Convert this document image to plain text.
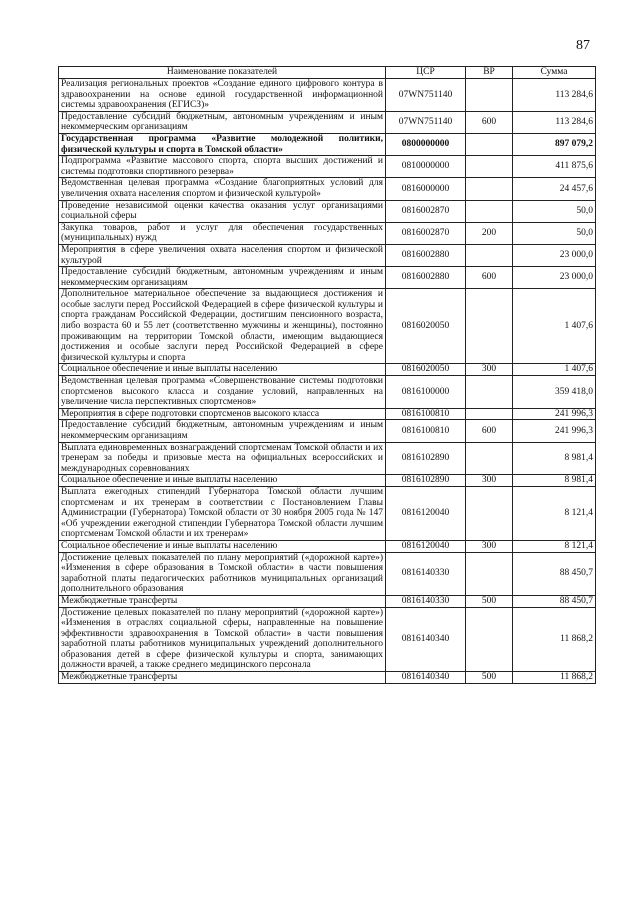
87
Наименование показателей	ЦСР	ВР	Сумма
Реализация региональных проектов «Создание единого цифрового контура в здравоохранении на основе единой государственной информационной системы здравоохранения (ЕГИСЗ)»	07WN751140		113 284,6
Предоставление субсидий бюджетным, автономным учреждениям и иным некоммерческим организациям	07WN751140	600	113 284,6
Государственная программа «Развитие молодежной политики, физической культуры и спорта в Томской области»	0800000000		897 079,2
Подпрограмма «Развитие массового спорта, спорта высших достижений и системы подготовки спортивного резерва»	0810000000		411 875,6
Ведомственная целевая программа «Создание благоприятных условий для увеличения охвата населения спортом и физической культурой»	0816000000		24 457,6
Проведение независимой оценки качества оказания услуг организациями социальной сферы	0816002870		50,0
Закупка товаров, работ и услуг для обеспечения государственных (муниципальных) нужд	0816002870	200	50,0
Мероприятия в сфере увеличения охвата населения спортом и физической культурой	0816002880		23 000,0
Предоставление субсидий бюджетным, автономным учреждениям и иным некоммерческим организациям	0816002880	600	23 000,0
Дополнительное материальное обеспечение за выдающиеся достижения и особые заслуги перед Российской Федерацией в сфере физической культуры и спорта гражданам Российской Федерации, достигшим пенсионного возраста, либо возраста 60 и 55 лет (соответственно мужчины и женщины), постоянно проживающим на территории Томской области, имеющим выдающиеся достижения и особые заслуги перед Российской Федерацией в сфере физической культуры и спорта	0816020050		1 407,6
Социальное обеспечение и иные выплаты населению	0816020050	300	1 407,6
Ведомственная целевая программа «Совершенствование системы подготовки спортсменов высокого класса и создание условий, направленных на увеличение числа перспективных спортсменов»	0816100000		359 418,0
Мероприятия в сфере подготовки спортсменов высокого класса	0816100810		241 996,3
Предоставление субсидий бюджетным, автономным учреждениям и иным некоммерческим организациям	0816100810	600	241 996,3
Выплата единовременных вознаграждений спортсменам Томской области и их тренерам за победы и призовые места на официальных всероссийских и международных соревнованиях	0816102890		8 981,4
Социальное обеспечение и иные выплаты населению	0816102890	300	8 981,4
Выплата ежегодных стипендий Губернатора Томской области лучшим спортсменам и их тренерам в соответствии с Постановлением Главы Администрации (Губернатора) Томской области от 30 ноября 2005 года № 147 «Об учреждении ежегодной стипендии Губернатора Томской области лучшим спортсменам Томской области и их тренерам»	0816120040		8 121,4
Социальное обеспечение и иные выплаты населению	0816120040	300	8 121,4
Достижение целевых показателей по плану мероприятий («дорожной карте») «Изменения в сфере образования в Томской области» в части повышения заработной платы педагогических работников муниципальных организаций дополнительного образования	0816140330		88 450,7
Межбюджетные трансферты	0816140330	500	88 450,7
Достижение целевых показателей по плану мероприятий («дорожной карте») «Изменения в отраслях социальной сферы, направленные на повышение эффективности здравоохранения в Томской области» в части повышения заработной платы работников муниципальных учреждений дополнительного образования детей в сфере физической культуры и спорта, занимающих должности врачей, а также среднего медицинского персонала	0816140340		11 868,2
Межбюджетные трансферты	0816140340	500	11 868,2
